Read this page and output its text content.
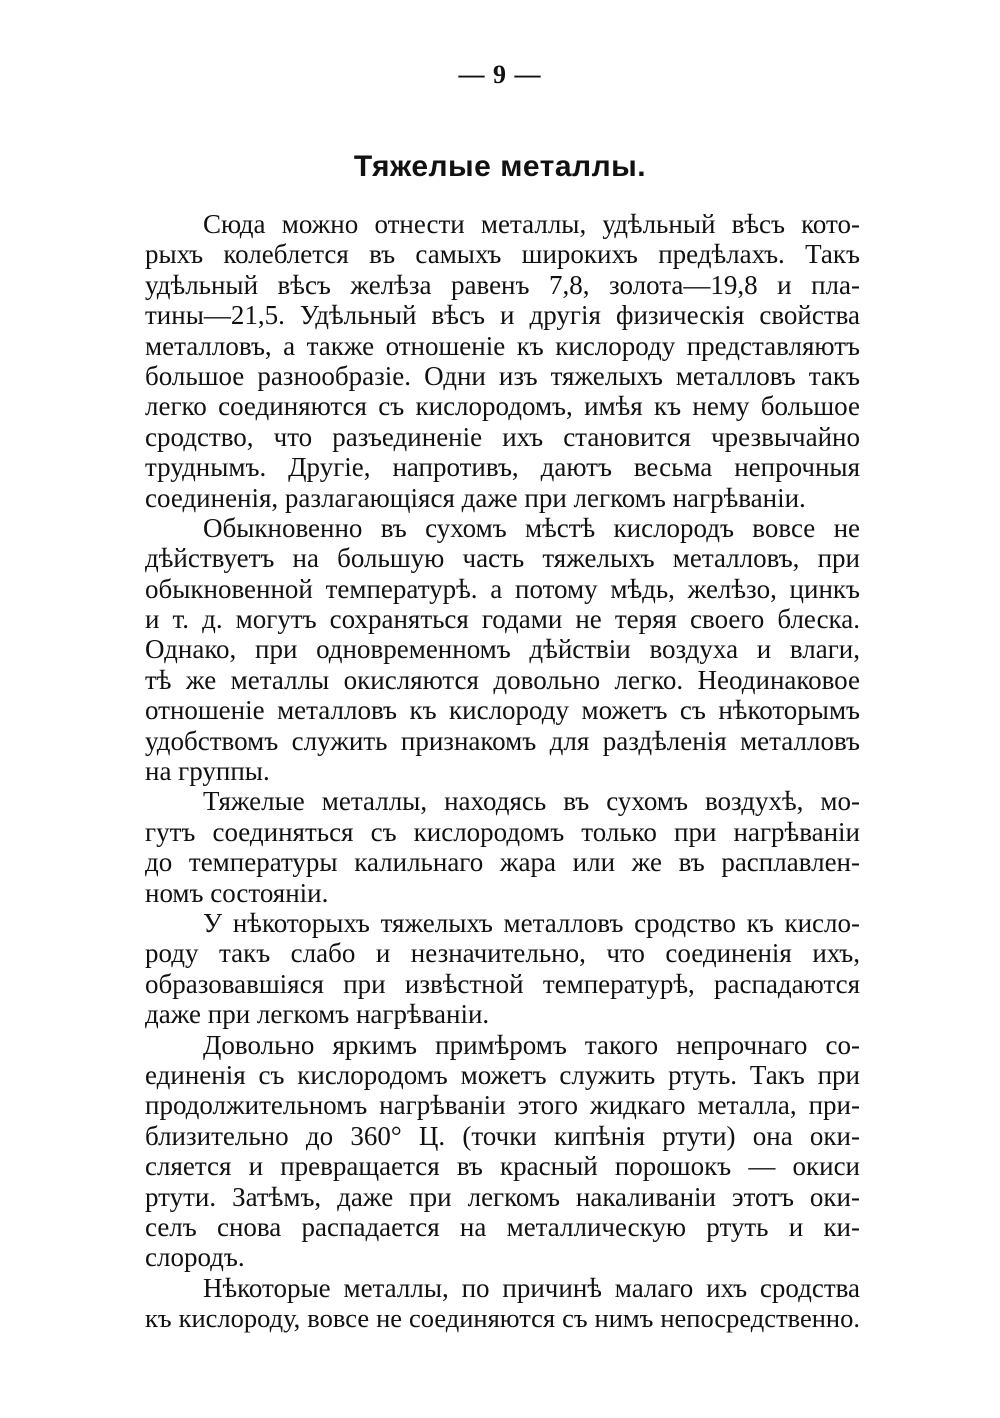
— 9 —
Тяжелые металлы.
Сюда можно отнести металлы, удѣльный вѣсъ кото-
рыхъ колеблется въ самыхъ широкихъ предѣлахъ. Такъ
удѣльный вѣсъ желѣза равенъ 7,8, золота—19,8 и пла-
тины—21,5. Удѣльный вѣсъ и другія физическія свойства
металловъ, а также отношеніе къ кислороду представляютъ
большое разнообразіе. Одни изъ тяжелыхъ металловъ такъ
легко соединяются съ кислородомъ, имѣя къ нему большое
сродство, что разъединеніе ихъ становится чрезвычайно
труднымъ. Другіе, напротивъ, даютъ весьма непрочныя
соединенія, разлагающіяся даже при легкомъ нагрѣваніи.
Обыкновенно въ сухомъ мѣстѣ кислородъ вовсе не
дѣйствуетъ на большую часть тяжелыхъ металловъ, при
обыкновенной температурѣ. а потому мѣдь, желѣзо, цинкъ
и т. д. могутъ сохраняться годами не теряя своего блеска.
Однако, при одновременномъ дѣйствіи воздуха и влаги,
тѣ же металлы окисляются довольно легко. Неодинаковое
отношеніе металловъ къ кислороду можетъ съ нѣкоторымъ
удобствомъ служить признакомъ для раздѣленія металловъ
на группы.
Тяжелые металлы, находясь въ сухомъ воздухѣ, мо-
гутъ соединяться съ кислородомъ только при нагрѣваніи
до температуры калильнаго жара или же въ расплавлен-
номъ состояніи.
У нѣкоторыхъ тяжелыхъ металловъ сродство къ кисло-
роду такъ слабо и незначительно, что соединенія ихъ,
образовавшіяся при извѣстной температурѣ, распадаются
даже при легкомъ нагрѣваніи.
Довольно яркимъ примѣромъ такого непрочнаго со-
единенія съ кислородомъ можетъ служить ртуть. Такъ при
продолжительномъ нагрѣваніи этого жидкаго металла, при-
близительно до 360° Ц. (точки кипѣнія ртути) она оки-
сляется и превращается въ красный порошокъ — окиси
ртути. Затѣмъ, даже при легкомъ накаливаніи этотъ оки-
селъ снова распадается на металлическую ртуть и ки-
слородъ.
Нѣкоторые металлы, по причинѣ малаго ихъ сродства
къ кислороду, вовсе не соединяются съ нимъ непосредственно.
